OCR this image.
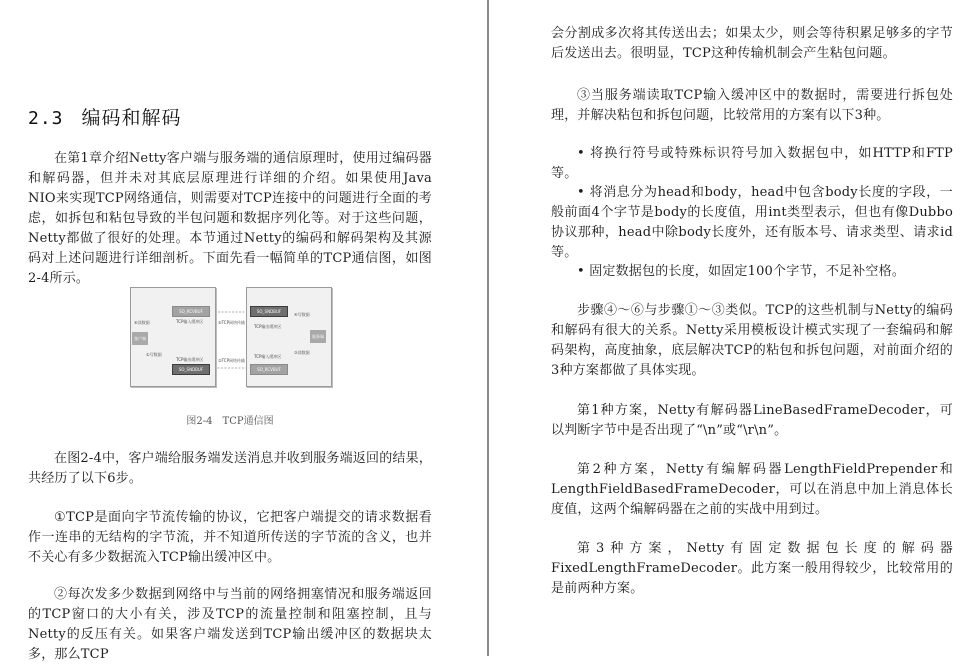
2.3 编码和解码
在第1章介绍Netty客户端与服务端的通信原理时，使用过编码器和解码器，但并未对其底层原理进行详细的介绍。如果使用Java NIO来实现TCP网络通信，则需要对TCP连接中的问题进行全面的考虑，如拆包和粘包导致的半包问题和数据序列化等。对于这些问题，Netty都做了很好的处理。本节通过Netty的编码和解码架构及其源码对上述问题进行详细剖析。下面先看一幅简单的TCP通信图，如图2-4所示。
客户端
SO_RCVBUF
SO_SNDBUF
SO_SNDBUF
SO_RCVBUF
服务端
⑥读数据
①写数据
TCP输入缓冲区
TCP输出缓冲区
⑤TCP网络传输
②TCP网络传输
TCP输出缓冲区
TCP输入缓冲区
④写数据
③读数据
图2-4　TCP通信图
在图2-4中，客户端给服务端发送消息并收到服务端返回的结果，共经历了以下6步。
①TCP是面向字节流传输的协议，它把客户端提交的请求数据看作一连串的无结构的字节流，并不知道所传送的字节流的含义，也并不关心有多少数据流入TCP输出缓冲区中。
②每次发多少数据到网络中与当前的网络拥塞情况和服务端返回的TCP窗口的大小有关，涉及TCP的流量控制和阻塞控制，且与Netty的反压有关。如果客户端发送到TCP输出缓冲区的数据块太多，那么TCP
会分割成多次将其传送出去；如果太少，则会等待积累足够多的字节后发送出去。很明显，TCP这种传输机制会产生粘包问题。
③当服务端读取TCP输入缓冲区中的数据时，需要进行拆包处理，并解决粘包和拆包问题，比较常用的方案有以下3种。
• 将换行符号或特殊标识符号加入数据包中，如HTTP和FTP等。
• 将消息分为head和body，head中包含body长度的字段，一般前面4个字节是body的长度值，用int类型表示，但也有像Dubbo协议那种，head中除body长度外，还有版本号、请求类型、请求id等。
• 固定数据包的长度，如固定100个字节，不足补空格。
步骤④～⑥与步骤①～③类似。TCP的这些机制与Netty的编码和解码有很大的关系。Netty采用模板设计模式实现了一套编码和解码架构，高度抽象，底层解决TCP的粘包和拆包问题，对前面介绍的3种方案都做了具体实现。
第1种方案，Netty有解码器LineBasedFrameDecoder，可以判断字节中是否出现了“\n”或“\r\n”。
第2种方案，Netty有编解码器LengthFieldPrepender和LengthFieldBasedFrameDecoder，可以在消息中加上消息体长度值，这两个编解码器在之前的实战中用到过。
第3种方案，Netty有固定数据包长度的解码器FixedLengthFrameDecoder。此方案一般用得较少，比较常用的是前两种方案。
